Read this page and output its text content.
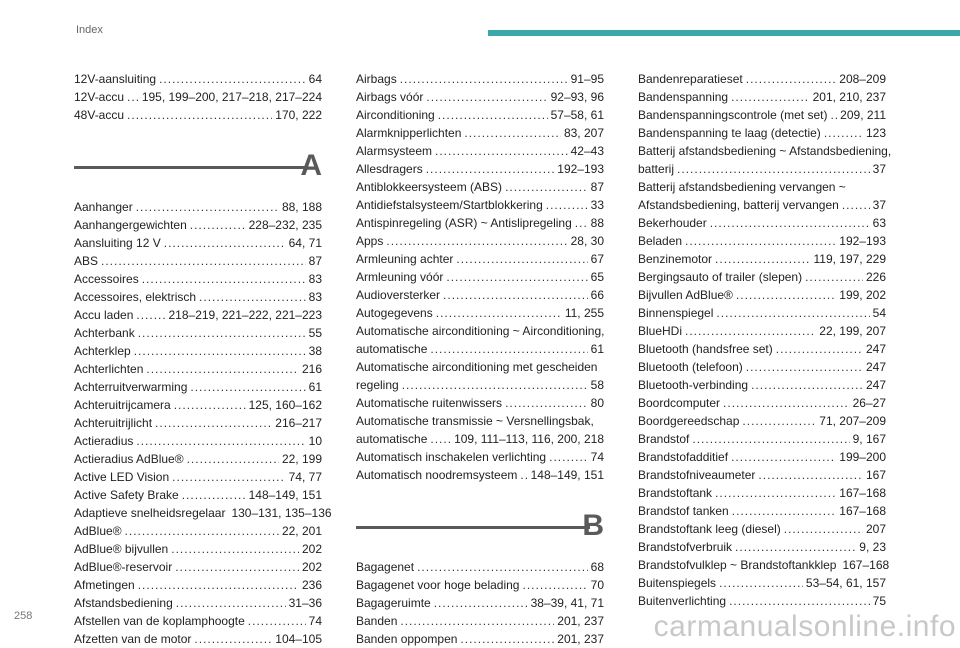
Index
12V-aansluiting .....	64
12V-accu ..... 195, 199–200, 217–218, 217–224
48V-accu .....	170, 222
A
Aanhanger .....	88, 188
Aanhangergewichten .....	228–232, 235
Aansluiting 12 V .....	64, 71
ABS .....	87
Accessoires .....	83
Accessoires, elektrisch .....	83
Accu laden .....	218–219, 221–222, 221–223
Achterbank .....	55
Achterklep .....	38
Achterlichten .....	216
Achterruitverwarming .....	61
Achteruitrijcamera .....	125, 160–162
Achteruitrijlicht .....	216–217
Actieradius .....	10
Actieradius AdBlue® .....	22, 199
Active LED Vision .....	74, 77
Active Safety Brake .....	148–149, 151
Adaptieve snelheidsregelaar 130–131, 135–136
AdBlue® .....	22, 201
AdBlue® bijvullen .....	202
AdBlue®-reservoir .....	202
Afmetingen .....	236
Afstandsbediening .....	31–36
Afstellen van de koplamphoogte .....	74
Afzetten van de motor .....	104–105
Airbags .....	91–95
Airbags vóór .....	92–93, 96
Airconditioning .....	57–58, 61
Alarmknipperlichten .....	83, 207
Alarmsysteem .....	42–43
Allesdragers .....	192–193
Antiblokkeersysteem (ABS) .....	87
Antidiefstalsysteem/Startblokkering .....	33
Antispinregeling (ASR) ~ Antislipregeling ..... 88
Apps .....	28, 30
Armleuning achter .....	67
Armleuning vóór .....	65
Audioversterker .....	66
Autogegevens .....	11, 255
Automatische airconditioning ~ Airconditioning,
automatische .....	61
Automatische airconditioning met gescheiden
regeling .....	58
Automatische ruitenwissers .....	80
Automatische transmissie ~ Versnellingsbak,
automatische ..... 109, 111–113, 116, 200, 218
Automatisch inschakelen verlichting .....	74
Automatisch noodremsysteem ..... 148–149, 151
B
Bagagenet .....	68
Bagagenet voor hoge belading .....	70
Bagageruimte .....	38–39, 41, 71
Banden .....	201, 237
Banden oppompen .....	201, 237
Bandenreparatieset .....	208–209
Bandenspanning .....	201, 210, 237
Bandenspanningscontrole (met set) ..... 209, 211
Bandenspanning te laag (detectie) .....	123
Batterij afstandsbediening ~ Afstandsbediening,
batterij .....	37
Batterij afstandsbediening vervangen ~
Afstandsbediening, batterij vervangen .....	37
Bekerhouder .....	63
Beladen .....	192–193
Benzinemotor .....	119, 197, 229
Bergingsauto of trailer (slepen) .....	226
Bijvullen AdBlue® .....	199, 202
Binnenspiegel .....	54
BlueHDi .....	22, 199, 207
Bluetooth (handsfree set) .....	247
Bluetooth (telefoon) .....	247
Bluetooth-verbinding .....	247
Boordcomputer .....	26–27
Boordgereedschap .....	71, 207–209
Brandstof .....	9, 167
Brandstofadditief .....	199–200
Brandstofniveaumeter .....	167
Brandstoftank .....	167–168
Brandstof tanken .....	167–168
Brandstoftank leeg (diesel) .....	207
Brandstofverbruik .....	9, 23
Brandstofvulklep ~ Brandstoftankklep 167–168
Buitenspiegels .....	53–54, 61, 157
Buitenverlichting .....	75
258	carmanualsonline.info
